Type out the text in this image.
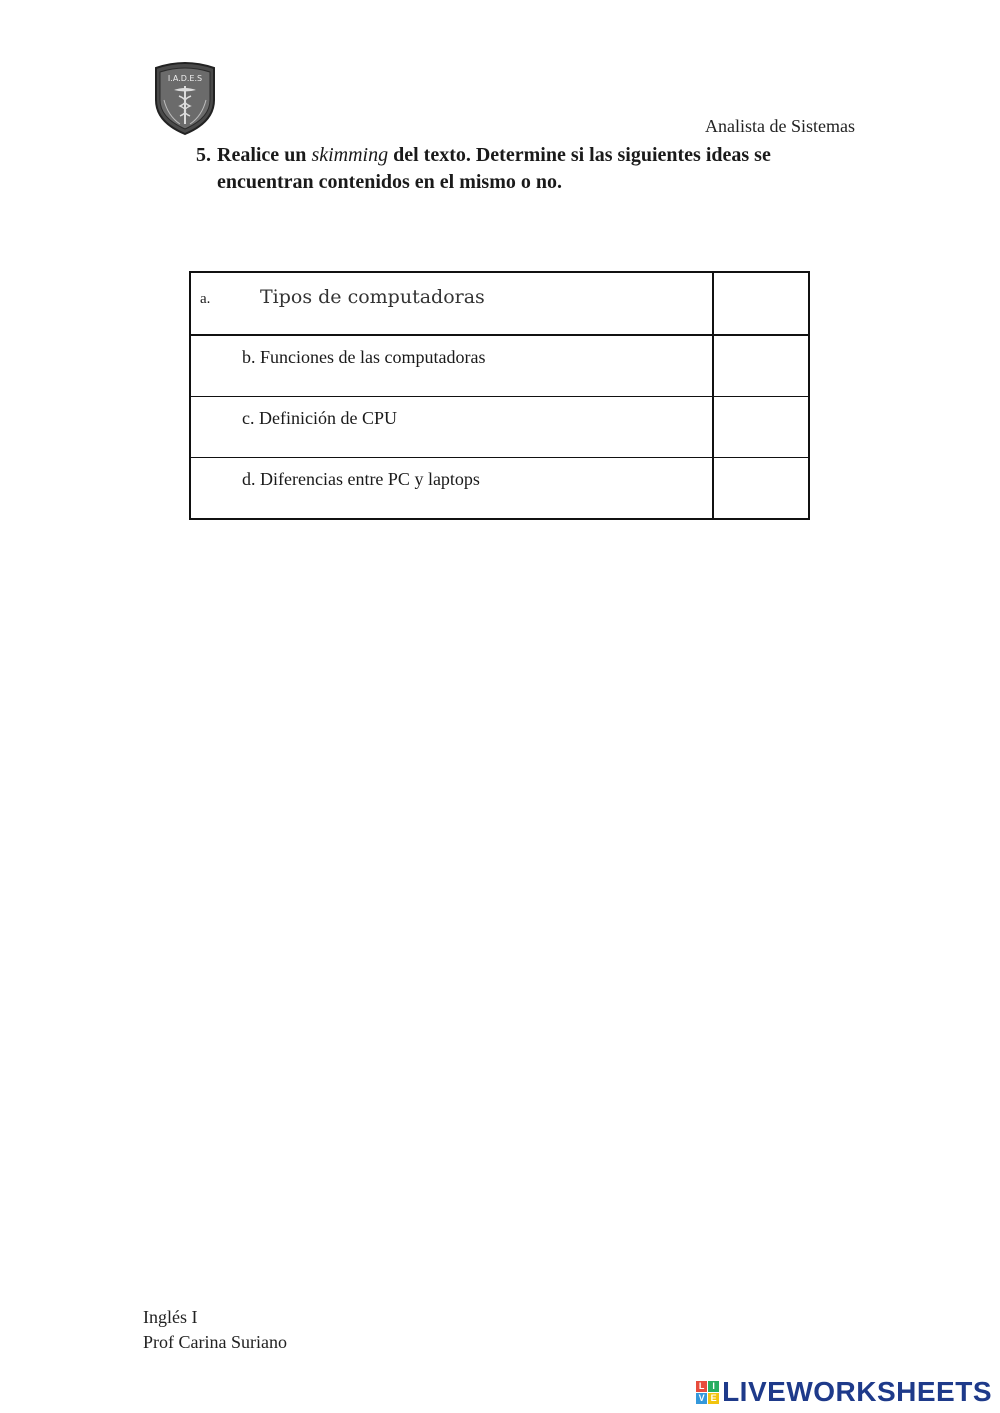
I.A.D.E.S
Analista de Sistemas
5. Realice un skimming del texto. Determine si las siguientes ideas se encuentran contenidos en el mismo o no.
a. Tipos de computadoras	

b. Funciones de las computadoras	

c. Definición de CPU	

d. Diferencias entre PC y laptops	

Inglés I
Prof Carina Suriano
L I
V E LIVEWORKSHEETS
